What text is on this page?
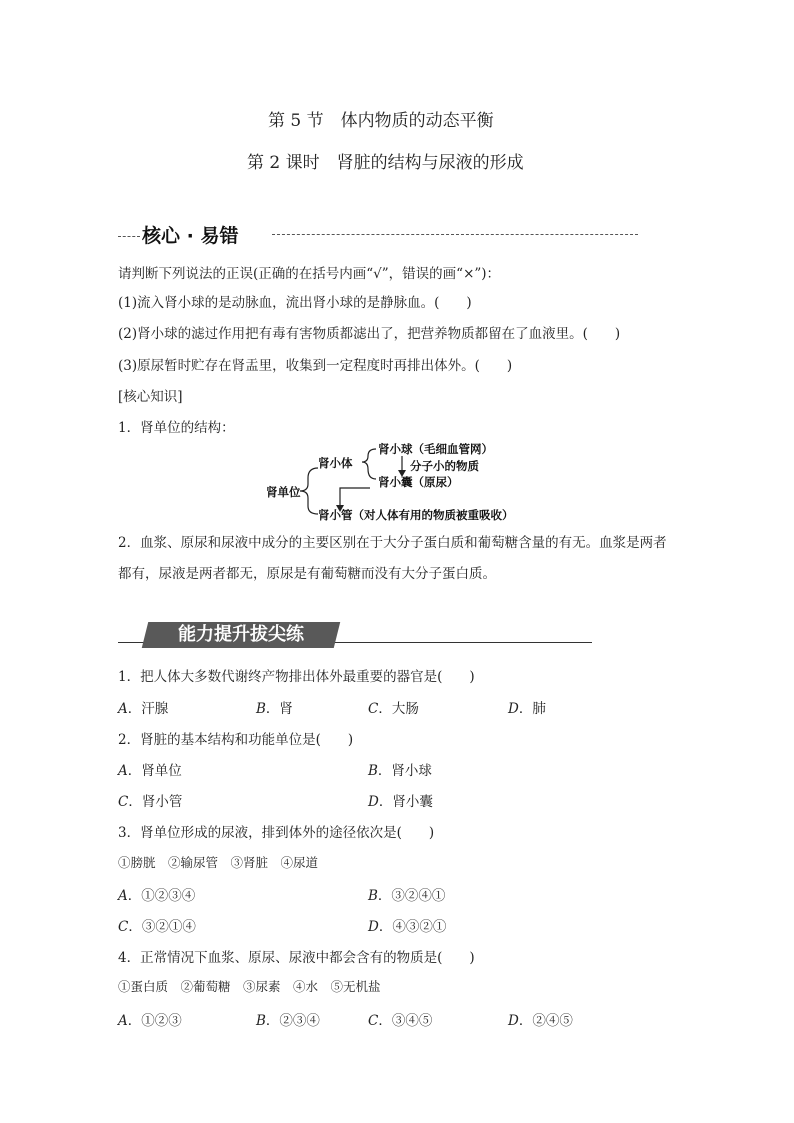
第 5 节　体内物质的动态平衡
第 2 课时　肾脏的结构与尿液的形成
核心 · 易错
请判断下列说法的正误(正确的在括号内画“√”，错误的画“×”)：
(1)流入肾小球的是动脉血，流出肾小球的是静脉血。(　　)
(2)肾小球的滤过作用把有毒有害物质都滤出了，把营养物质都留在了血液里。(　　)
(3)原尿暂时贮存在肾盂里，收集到一定程度时再排出体外。(　　)
[核心知识]
1．肾单位的结构：
肾单位
肾小体
肾小球（毛细血管网）
分子小的物质
肾小囊（原尿）
肾小管（对人体有用的物质被重吸收）
2．血浆、原尿和尿液中成分的主要区别在于大分子蛋白质和葡萄糖含量的有无。血浆是两者
都有，尿液是两者都无，原尿是有葡萄糖而没有大分子蛋白质。
能力提升拔尖练
1．把人体大多数代谢终产物排出体外最重要的器官是(　　)
A．汗腺	B．肾	C．大肠	D．肺
2．肾脏的基本结构和功能单位是(　　)
A．肾单位	B．肾小球
C．肾小管	D．肾小囊
3．肾单位形成的尿液，排到体外的途径依次是(　　)
①膀胱　②输尿管　③肾脏　④尿道
A．①②③④	B．③②④①
C．③②①④	D．④③②①
4．正常情况下血浆、原尿、尿液中都会含有的物质是(　　)
①蛋白质　②葡萄糖　③尿素　④水　⑤无机盐
A．①②③	B．②③④	C．③④⑤	D．②④⑤
